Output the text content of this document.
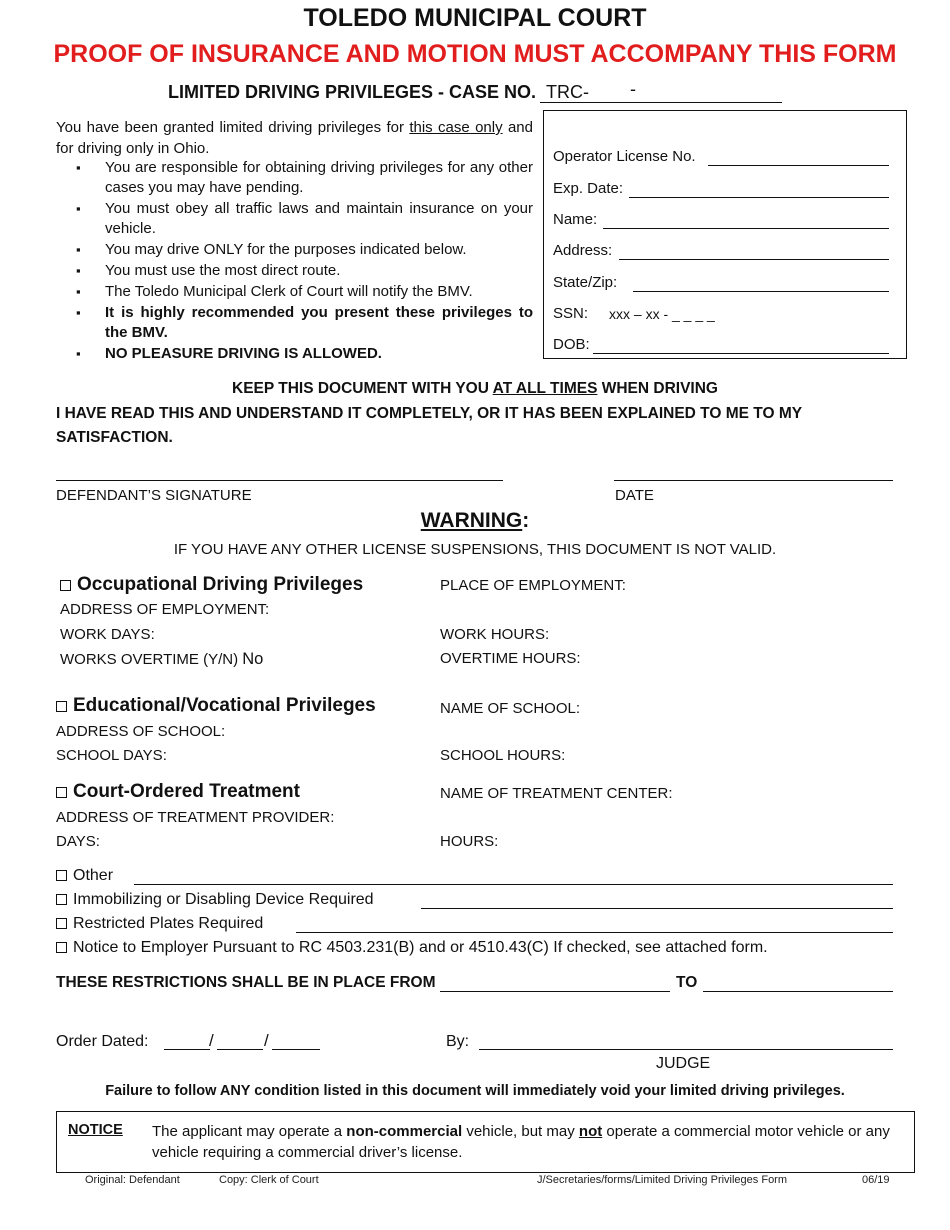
TOLEDO MUNICIPAL COURT
PROOF OF INSURANCE AND MOTION MUST ACCOMPANY THIS FORM
LIMITED DRIVING PRIVILEGES - CASE NO. TRC- -
You have been granted limited driving privileges for this case only and for driving only in Ohio.
▪ You are responsible for obtaining driving privileges for any other cases you may have pending.
▪ You must obey all traffic laws and maintain insurance on your vehicle.
▪ You may drive ONLY for the purposes indicated below.
▪ You must use the most direct route.
▪ The Toledo Municipal Clerk of Court will notify the BMV.
▪ It is highly recommended you present these privileges to the BMV.
▪ NO PLEASURE DRIVING IS ALLOWED.
Operator License No.
Exp. Date:
Name:
Address:
State/Zip:
SSN: xxx – xx - _ _ _ _
DOB:
KEEP THIS DOCUMENT WITH YOU AT ALL TIMES WHEN DRIVING
I HAVE READ THIS AND UNDERSTAND IT COMPLETELY, OR IT HAS BEEN EXPLAINED TO ME TO MY SATISFACTION.
DEFENDANT’S SIGNATURE	DATE
WARNING:
IF YOU HAVE ANY OTHER LICENSE SUSPENSIONS, THIS DOCUMENT IS NOT VALID.
Occupational Driving Privileges	PLACE OF EMPLOYMENT:
ADDRESS OF EMPLOYMENT:
WORK DAYS:	WORK HOURS:
WORKS OVERTIME (Y/N) No	OVERTIME HOURS:
Educational/Vocational Privileges	NAME OF SCHOOL:
ADDRESS OF SCHOOL:
SCHOOL DAYS:	SCHOOL HOURS:
Court-Ordered Treatment	NAME OF TREATMENT CENTER:
ADDRESS OF TREATMENT PROVIDER:
DAYS:	HOURS:
Other
Immobilizing or Disabling Device Required
Restricted Plates Required
Notice to Employer Pursuant to RC 4503.231(B) and or 4510.43(C) If checked, see attached form.
THESE RESTRICTIONS SHALL BE IN PLACE FROM	TO
Order Dated:	/	/	By:
JUDGE
Failure to follow ANY condition listed in this document will immediately void your limited driving privileges.
NOTICE The applicant may operate a non-commercial vehicle, but may not operate a commercial motor vehicle or any vehicle requiring a commercial driver’s license.
Original: Defendant	Copy: Clerk of Court	J/Secretaries/forms/Limited Driving Privileges Form	06/19
